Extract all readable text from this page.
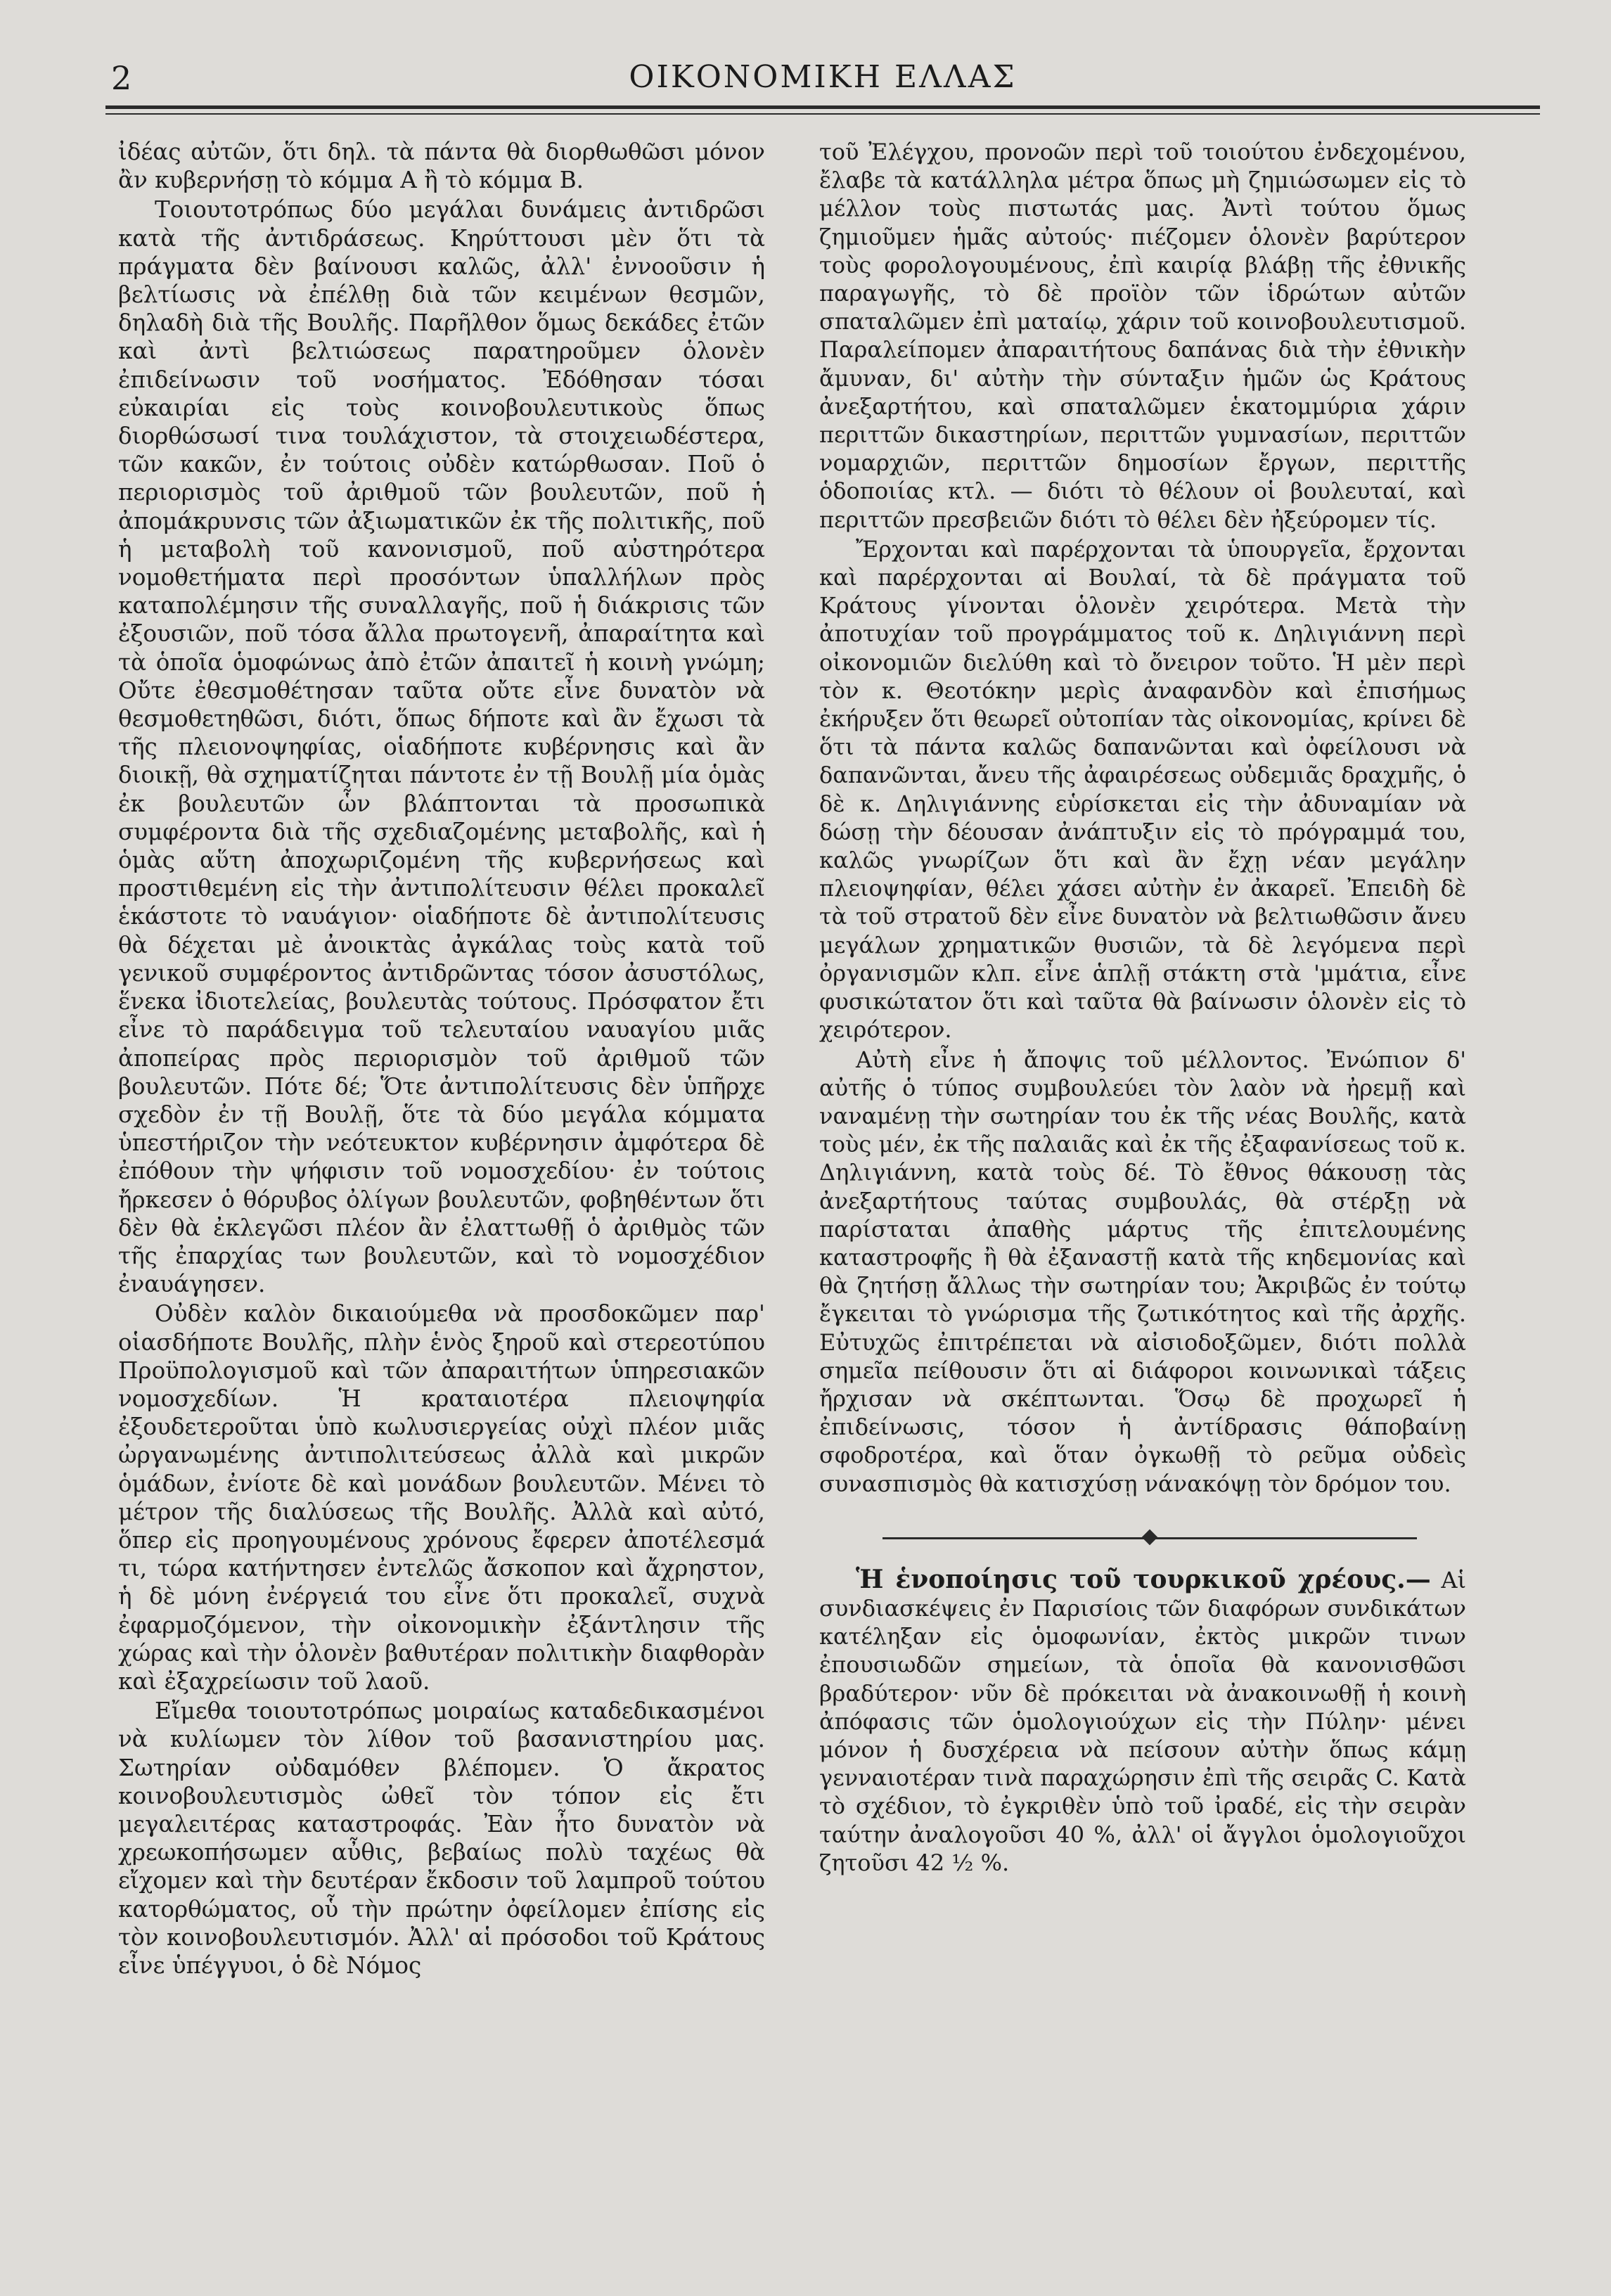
2	ΟΙΚΟΝΟΜΙΚΗ ΕΛΛΑΣ

ἰδέας αὐτῶν, ὅτι δηλ. τὰ πάντα θὰ διορθωθῶσι μόνον ἂν κυβερνήσῃ τὸ κόμμα Α ἢ τὸ κόμμα Β.

Τοιουτοτρόπως δύο μεγάλαι δυνάμεις ἀντιδρῶσι κατὰ τῆς ἀντιδράσεως. Κηρύττουσι μὲν ὅτι τὰ πράγματα δὲν βαίνουσι καλῶς, ἀλλ' ἐννοοῦσιν ἡ βελτίωσις νὰ ἐπέλθῃ διὰ τῶν κειμένων θεσμῶν, δηλαδὴ διὰ τῆς Βουλῆς. Παρῆλθον ὅμως δεκάδες ἐτῶν καὶ ἀντὶ βελτιώσεως παρατηροῦμεν ὁλονὲν ἐπιδείνωσιν τοῦ νοσήματος. Ἐδόθησαν τόσαι εὐκαιρίαι εἰς τοὺς κοινοβουλευτικοὺς ὅπως διορθώσωσί τινα τουλάχιστον, τὰ στοιχειωδέστερα, τῶν κακῶν, ἐν τούτοις οὐδὲν κατώρθωσαν. Ποῦ ὁ περιορισμὸς τοῦ ἀριθμοῦ τῶν βουλευτῶν, ποῦ ἡ ἀπομάκρυνσις τῶν ἀξιωματικῶν ἐκ τῆς πολιτικῆς, ποῦ ἡ μεταβολὴ τοῦ κανονισμοῦ, ποῦ αὐστηρότερα νομοθετήματα περὶ προσόντων ὑπαλλήλων πρὸς καταπολέμησιν τῆς συναλλαγῆς, ποῦ ἡ διάκρισις τῶν ἐξουσιῶν, ποῦ τόσα ἄλλα πρωτογενῆ, ἀπαραίτητα καὶ τὰ ὁποῖα ὁμοφώνως ἀπὸ ἐτῶν ἀπαιτεῖ ἡ κοινὴ γνώμη; Οὔτε ἐθεσμοθέτησαν ταῦτα οὔτε εἶνε δυνατὸν νὰ θεσμοθετηθῶσι, διότι, ὅπως δήποτε καὶ ἂν ἔχωσι τὰ τῆς πλειονοψηφίας, οἱαδήποτε κυβέρνησις καὶ ἂν διοικῇ, θὰ σχηματίζηται πάντοτε ἐν τῇ Βουλῇ μία ὁμὰς ἐκ βουλευτῶν ὧν βλάπτονται τὰ προσωπικὰ συμφέροντα διὰ τῆς σχεδιαζομένης μεταβολῆς, καὶ ἡ ὁμὰς αὕτη ἀποχωριζομένη τῆς κυβερνήσεως καὶ προστιθεμένη εἰς τὴν ἀντιπολίτευσιν θέλει προκαλεῖ ἑκάστοτε τὸ ναυάγιον· οἱαδήποτε δὲ ἀντιπολίτευσις θὰ δέχεται μὲ ἀνοικτὰς ἀγκάλας τοὺς κατὰ τοῦ γενικοῦ συμφέροντος ἀντιδρῶντας τόσον ἀσυστόλως, ἕνεκα ἰδιοτελείας, βουλευτὰς τούτους. Πρόσφατον ἔτι εἶνε τὸ παράδειγμα τοῦ τελευταίου ναυαγίου μιᾶς ἀποπείρας πρὸς περιορισμὸν τοῦ ἀριθμοῦ τῶν βουλευτῶν. Πότε δέ; Ὅτε ἀντιπολίτευσις δὲν ὑπῆρχε σχεδὸν ἐν τῇ Βουλῇ, ὅτε τὰ δύο μεγάλα κόμματα ὑπεστήριζον τὴν νεότευκτον κυβέρνησιν ἀμφότερα δὲ ἐπόθουν τὴν ψήφισιν τοῦ νομοσχεδίου· ἐν τούτοις ἤρκεσεν ὁ θόρυβος ὀλίγων βουλευτῶν, φοβηθέντων ὅτι δὲν θὰ ἐκλεγῶσι πλέον ἂν ἐλαττωθῇ ὁ ἀριθμὸς τῶν τῆς ἐπαρχίας των βουλευτῶν, καὶ τὸ νομοσχέδιον ἐναυάγησεν.

Οὐδὲν καλὸν δικαιούμεθα νὰ προσδοκῶμεν παρ' οἱασδήποτε Βουλῆς, πλὴν ἑνὸς ξηροῦ καὶ στερεοτύπου Προϋπολογισμοῦ καὶ τῶν ἀπαραιτήτων ὑπηρεσιακῶν νομοσχεδίων. Ἡ κραταιοτέρα πλειοψηφία ἐξουδετεροῦται ὑπὸ κωλυσιεργείας οὐχὶ πλέον μιᾶς ὠργανωμένης ἀντιπολιτεύσεως ἀλλὰ καὶ μικρῶν ὁμάδων, ἐνίοτε δὲ καὶ μονάδων βουλευτῶν. Μένει τὸ μέτρον τῆς διαλύσεως τῆς Βουλῆς. Ἀλλὰ καὶ αὐτό, ὅπερ εἰς προηγουμένους χρόνους ἔφερεν ἀποτέλεσμά τι, τώρα κατήντησεν ἐντελῶς ἄσκοπον καὶ ἄχρηστον, ἡ δὲ μόνη ἐνέργειά του εἶνε ὅτι προκαλεῖ, συχνὰ ἐφαρμοζόμενον, τὴν οἰκονομικὴν ἐξάντλησιν τῆς χώρας καὶ τὴν ὁλονὲν βαθυτέραν πολιτικὴν διαφθορὰν καὶ ἐξαχρείωσιν τοῦ λαοῦ.

Εἴμεθα τοιουτοτρόπως μοιραίως καταδεδικασμένοι νὰ κυλίωμεν τὸν λίθον τοῦ βασανιστηρίου μας. Σωτηρίαν οὐδαμόθεν βλέπομεν. Ὁ ἄκρατος κοινοβουλευτισμὸς ὠθεῖ τὸν τόπον εἰς ἔτι μεγαλειτέρας καταστροφάς. Ἐὰν ἦτο δυνατὸν νὰ χρεωκοπήσωμεν αὖθις, βεβαίως πολὺ ταχέως θὰ εἴχομεν καὶ τὴν δευτέραν ἔκδοσιν τοῦ λαμπροῦ τούτου κατορθώματος, οὗ τὴν πρώτην ὀφείλομεν ἐπίσης εἰς τὸν κοινοβουλευτισμόν. Ἀλλ' αἱ πρόσοδοι τοῦ Κράτους εἶνε ὑπέγγυοι, ὁ δὲ Νόμος

τοῦ Ἐλέγχου, προνοῶν περὶ τοῦ τοιούτου ἐνδεχομένου, ἔλαβε τὰ κατάλληλα μέτρα ὅπως μὴ ζημιώσωμεν εἰς τὸ μέλλον τοὺς πιστωτάς μας. Ἀντὶ τούτου ὅμως ζημιοῦμεν ἡμᾶς αὐτούς· πιέζομεν ὁλονὲν βαρύτερον τοὺς φορολογουμένους, ἐπὶ καιρίᾳ βλάβῃ τῆς ἐθνικῆς παραγωγῆς, τὸ δὲ προϊὸν τῶν ἱδρώτων αὐτῶν σπαταλῶμεν ἐπὶ ματαίῳ, χάριν τοῦ κοινοβουλευτισμοῦ. Παραλείπομεν ἀπαραιτήτους δαπάνας διὰ τὴν ἐθνικὴν ἄμυναν, δι' αὐτὴν τὴν σύνταξιν ἡμῶν ὡς Κράτους ἀνεξαρτήτου, καὶ σπαταλῶμεν ἑκατομμύρια χάριν περιττῶν δικαστηρίων, περιττῶν γυμνασίων, περιττῶν νομαρχιῶν, περιττῶν δημοσίων ἔργων, περιττῆς ὁδοποιίας κτλ. — διότι τὸ θέλουν οἱ βουλευταί, καὶ περιττῶν πρεσβειῶν διότι τὸ θέλει δὲν ἠξεύρομεν τίς.

Ἔρχονται καὶ παρέρχονται τὰ ὑπουργεῖα, ἔρχονται καὶ παρέρχονται αἱ Βουλαί, τὰ δὲ πράγματα τοῦ Κράτους γίνονται ὁλονὲν χειρότερα. Μετὰ τὴν ἀποτυχίαν τοῦ προγράμματος τοῦ κ. Δηλιγιάννη περὶ οἰκονομιῶν διελύθη καὶ τὸ ὄνειρον τοῦτο. Ἡ μὲν περὶ τὸν κ. Θεοτόκην μερὶς ἀναφανδὸν καὶ ἐπισήμως ἐκήρυξεν ὅτι θεωρεῖ οὐτοπίαν τὰς οἰκονομίας, κρίνει δὲ ὅτι τὰ πάντα καλῶς δαπανῶνται καὶ ὀφείλουσι νὰ δαπανῶνται, ἄνευ τῆς ἀφαιρέσεως οὐδεμιᾶς δραχμῆς, ὁ δὲ κ. Δηλιγιάννης εὑρίσκεται εἰς τὴν ἀδυναμίαν νὰ δώσῃ τὴν δέουσαν ἀνάπτυξιν εἰς τὸ πρόγραμμά του, καλῶς γνωρίζων ὅτι καὶ ἂν ἔχῃ νέαν μεγάλην πλειοψηφίαν, θέλει χάσει αὐτὴν ἐν ἀκαρεῖ. Ἐπειδὴ δὲ τὰ τοῦ στρατοῦ δὲν εἶνε δυνατὸν νὰ βελτιωθῶσιν ἄνευ μεγάλων χρηματικῶν θυσιῶν, τὰ δὲ λεγόμενα περὶ ὀργανισμῶν κλπ. εἶνε ἁπλῇ στάκτη στὰ 'μμάτια, εἶνε φυσικώτατον ὅτι καὶ ταῦτα θὰ βαίνωσιν ὁλονὲν εἰς τὸ χειρότερον.

Αὐτὴ εἶνε ἡ ἄποψις τοῦ μέλλοντος. Ἐνώπιον δ' αὐτῆς ὁ τύπος συμβουλεύει τὸν λαὸν νὰ ἠρεμῇ καὶ ναναμένῃ τὴν σωτηρίαν του ἐκ τῆς νέας Βουλῆς, κατὰ τοὺς μέν, ἐκ τῆς παλαιᾶς καὶ ἐκ τῆς ἐξαφανίσεως τοῦ κ. Δηλιγιάννη, κατὰ τοὺς δέ. Τὸ ἔθνος θάκουσῃ τὰς ἀνεξαρτήτους ταύτας συμβουλάς, θὰ στέρξῃ νὰ παρίσταται ἀπαθὴς μάρτυς τῆς ἐπιτελουμένης καταστροφῆς ἢ θὰ ἐξαναστῇ κατὰ τῆς κηδεμονίας καὶ θὰ ζητήσῃ ἄλλως τὴν σωτηρίαν του; Ἀκριβῶς ἐν τούτῳ ἔγκειται τὸ γνώρισμα τῆς ζωτικότητος καὶ τῆς ἀρχῆς. Εὐτυχῶς ἐπιτρέπεται νὰ αἰσιοδοξῶμεν, διότι πολλὰ σημεῖα πείθουσιν ὅτι αἱ διάφοροι κοινωνικαὶ τάξεις ἤρχισαν νὰ σκέπτωνται. Ὅσῳ δὲ προχωρεῖ ἡ ἐπιδείνωσις, τόσον ἡ ἀντίδρασις θάποβαίνῃ σφοδροτέρα, καὶ ὅταν ὀγκωθῇ τὸ ρεῦμα οὐδεὶς συνασπισμὸς θὰ κατισχύσῃ νάνακόψῃ τὸν δρόμον του.

Ἡ ἑνοποίησις τοῦ τουρκικοῦ χρέους.— Αἱ συνδιασκέψεις ἐν Παρισίοις τῶν διαφόρων συνδικάτων κατέληξαν εἰς ὁμοφωνίαν, ἐκτὸς μικρῶν τινων ἐπουσιωδῶν σημείων, τὰ ὁποῖα θὰ κανονισθῶσι βραδύτερον· νῦν δὲ πρόκειται νὰ ἀνακοινωθῇ ἡ κοινὴ ἀπόφασις τῶν ὁμολογιούχων εἰς τὴν Πύλην· μένει μόνον ἡ δυσχέρεια νὰ πείσουν αὐτὴν ὅπως κάμῃ γενναιοτέραν τινὰ παραχώρησιν ἐπὶ τῆς σειρᾶς C. Κατὰ τὸ σχέδιον, τὸ ἐγκριθὲν ὑπὸ τοῦ ἰραδέ, εἰς τὴν σειρὰν ταύτην ἀναλογοῦσι 40 %, ἀλλ' οἱ ἄγγλοι ὁμολογιοῦχοι ζητοῦσι 42 ½ %.
